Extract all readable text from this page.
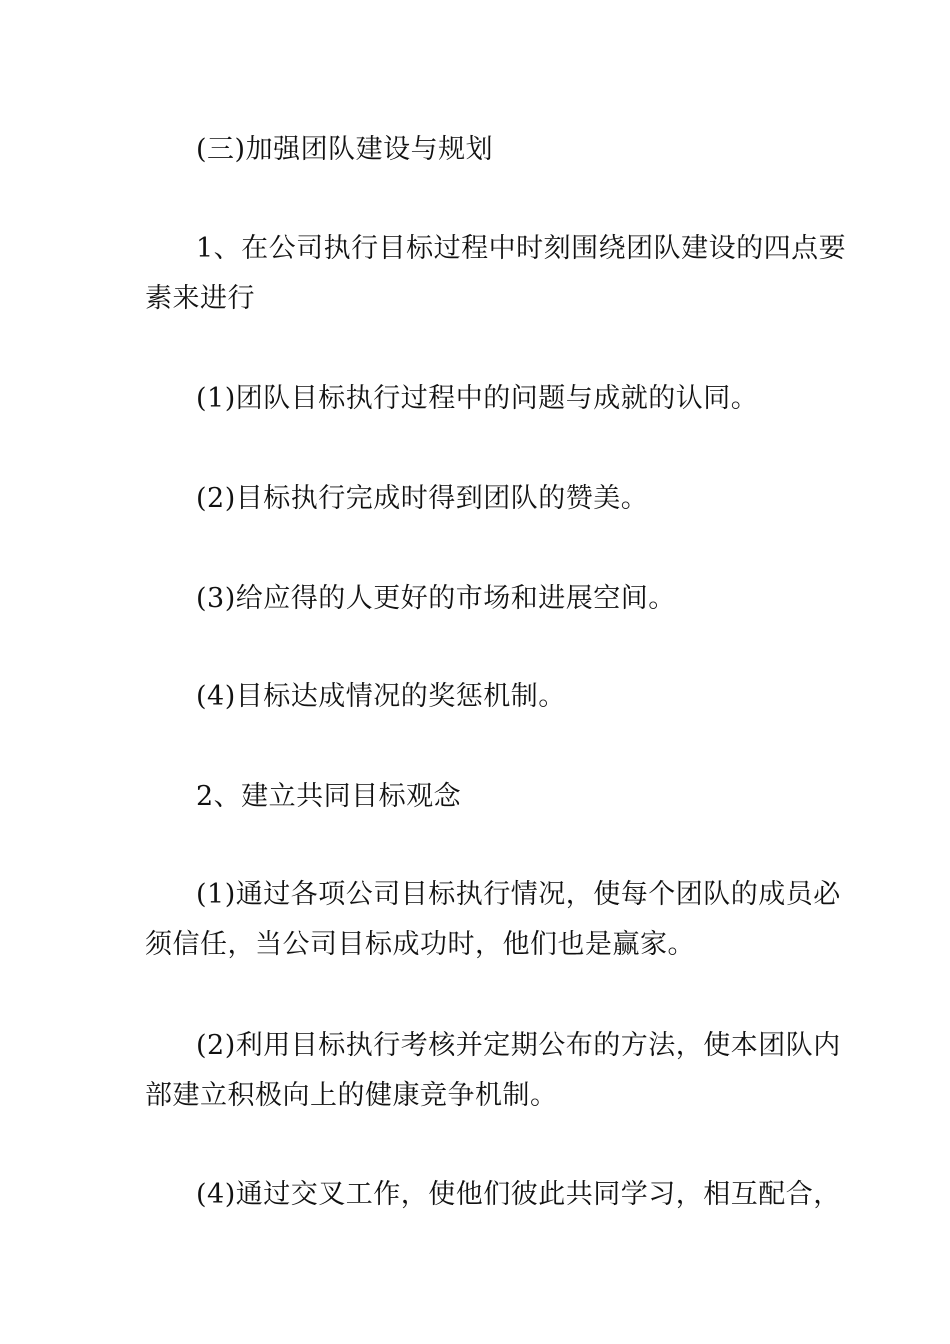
(三)加强团队建设与规划
1、在公司执行目标过程中时刻围绕团队建设的四点要
素来进行
(1)团队目标执行过程中的问题与成就的认同。
(2)目标执行完成时得到团队的赞美。
(3)给应得的人更好的市场和进展空间。
(4)目标达成情况的奖惩机制。
2、建立共同目标观念
(1)通过各项公司目标执行情况，使每个团队的成员必
须信任，当公司目标成功时，他们也是赢家。
(2)利用目标执行考核并定期公布的方法，使本团队内
部建立积极向上的健康竞争机制。
(4)通过交叉工作，使他们彼此共同学习，相互配合，
